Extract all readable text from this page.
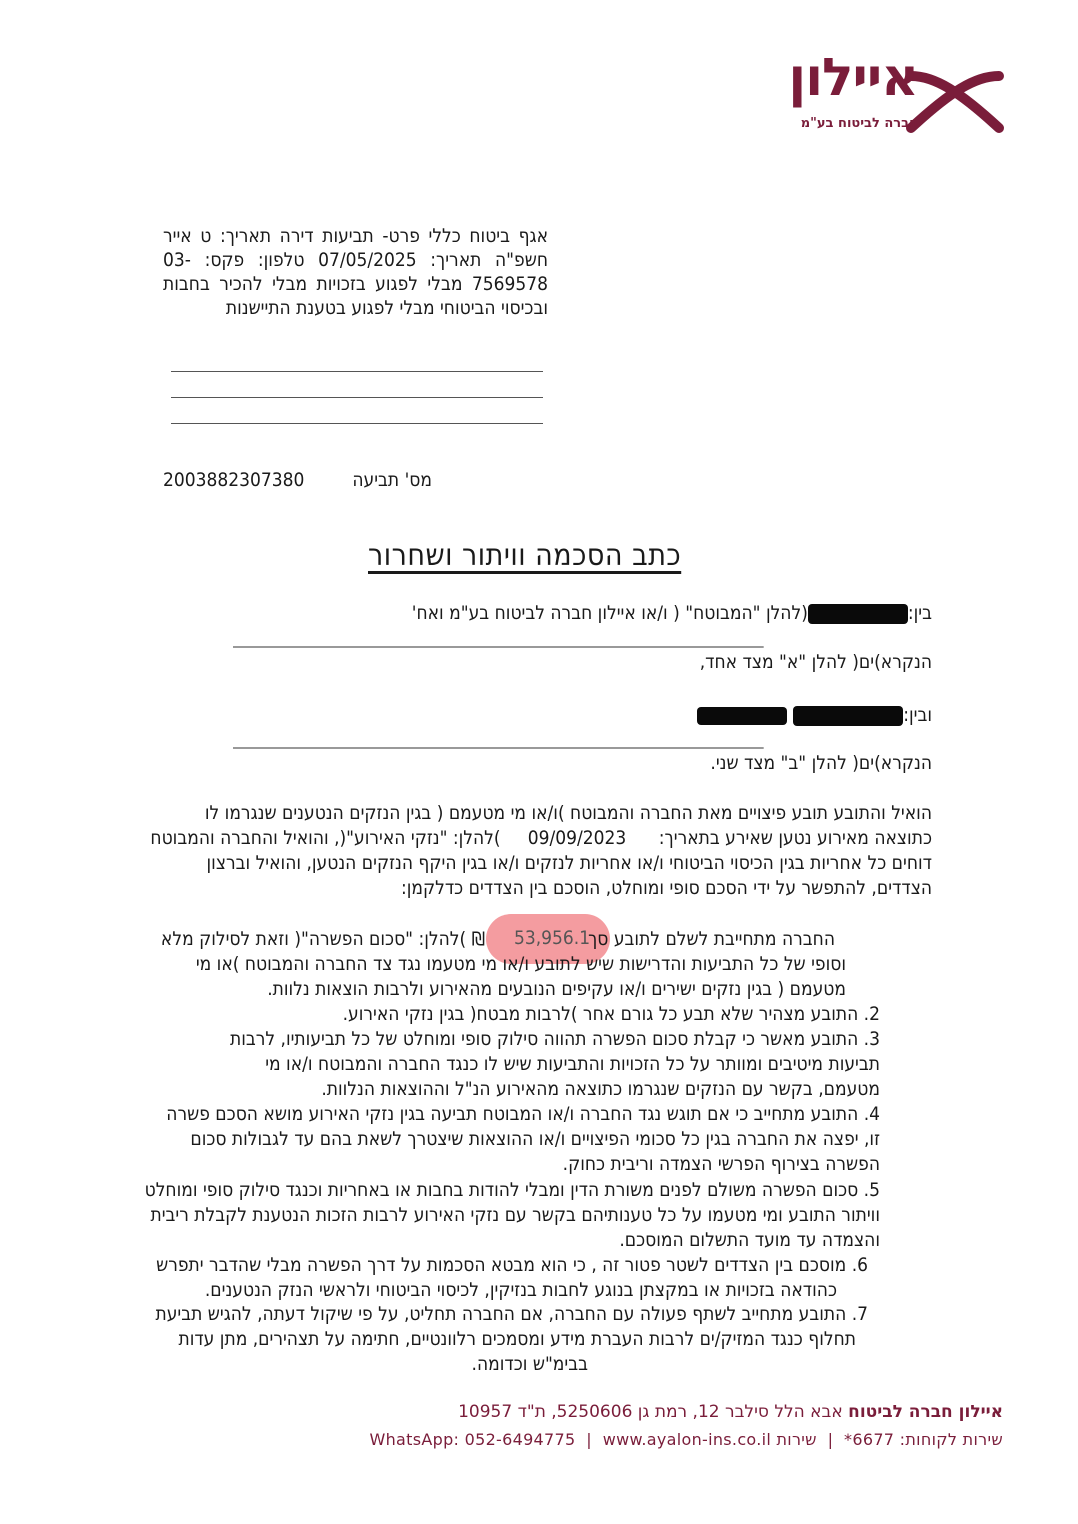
איילון
חברה לביטוח בע"מ
אגף ביטוח כללי פרט- תביעות דירה תאריך: ט אייר חשפ"ה תאריך: 07/05/2025 טלפון: פקס: 03-7569578 מבלי לפגוע בזכויות מבלי להכיר בחבות ובכיסוי הביטוחי מבלי לפגוע בטענת התיישנות
2003882307380	מס' תביעה
כתב הסכמה וויתור ושחרור
בין:(להלן "המבוטח" ( ו/או איילון חברה לביטוח בע"מ ואח'
____________________________________________________________________________________________________
הנקרא)ים( להלן "א" מצד אחד,
ובין:
____________________________________________________________________________________________________
הנקרא)ים( להלן "ב" מצד שני.
הואיל והתובע תובע פיצויים מאת החברה והמבוטח )ו/או מי מטעמם ( בגין הנזקים הנטענים שנגרמו לו
כתוצאה מאירוע נטען שאירע בתאריך:      09/09/2023     )להלן: "נזקי האירוע"(, והואיל והחברה והמבוטח
דוחים כל אחריות בגין הכיסוי הביטוחי ו/או אחריות לנזקים ו/או בגין היקף הנזקים הנטען, והואיל וברצון
הצדדים, להתפשר על ידי הסכם סופי ומוחלט, הוסכם בין הצדדים כדלקמן:
החברה מתחייבת לשלם לתובע סך
53,956.1
₪ )להלן: "סכום הפשרה"( וזאת לסילוק מלא
וסופי של כל התביעות והדרישות שיש לתובע ו/או מי מטעמו נגד צד החברה והמבוטח )או מי
מטעמם ( בגין נזקים ישירים ו/או עקיפים הנובעים מהאירוע ולרבות הוצאות נלוות.
2. התובע מצהיר שלא תבע כל גורם אחר )לרבות מבטח( בגין נזקי האירוע.
3. התובע מאשר כי קבלת סכום הפשרה תהווה סילוק סופי ומוחלט של כל תביעותיו, לרבות
תביעות מיטיבים ומוותר על כל הזכויות והתביעות שיש לו כנגד החברה והמבוטח ו/או מי
מטעמם, בקשר עם הנזקים שנגרמו כתוצאה מהאירוע הנ"ל וההוצאות הנלוות.
4. התובע מתחייב כי אם תוגש נגד החברה ו/או המבוטח תביעה בגין נזקי האירוע מושא הסכם פשרה
זו, יפצה את החברה בגין כל סכומי הפיצויים ו/או ההוצאות שיצטרך לשאת בהם עד לגבולות סכום
הפשרה בצירוף הפרשי הצמדה וריבית כחוק.
5. סכום הפשרה משולם לפנים משורת הדין ומבלי להודות בחבות או באחריות וכנגד סילוק סופי ומוחלט
וויתור התובע ומי מטעמו על כל טענותיהם בקשר עם נזקי האירוע לרבות הזכות הנטענת לקבלת ריבית
והצמדה עד מועד התשלום המוסכם.
6. מוסכם בין הצדדים לשטר פטור זה , כי הוא מבטא הסכמות על דרך הפשרה מבלי שהדבר יתפרש
כהודאה בזכויות או במקצתן בנוגע לחבות בנזיקין, לכיסוי הביטוחי ולראשי הנזק הנטענים.
7. התובע מתחייב לשתף פעולה עם החברה, אם החברה תחליט, על פי שיקול דעתה, להגיש תביעת
תחלוף כנגד המזיק/ים לרבות העברת מידע ומסמכים רלוונטיים, חתימה על תצהירים, מתן עדות
בבימ"ש וכדומה.
איילון חברה לביטוח אבא הלל סילבר 12, רמת גן 5250606, ת"ד 10957
שירות לקוחות: 6677*  |  שירות WhatsApp: 052-6494775  |  www.ayalon-ins.co.il
